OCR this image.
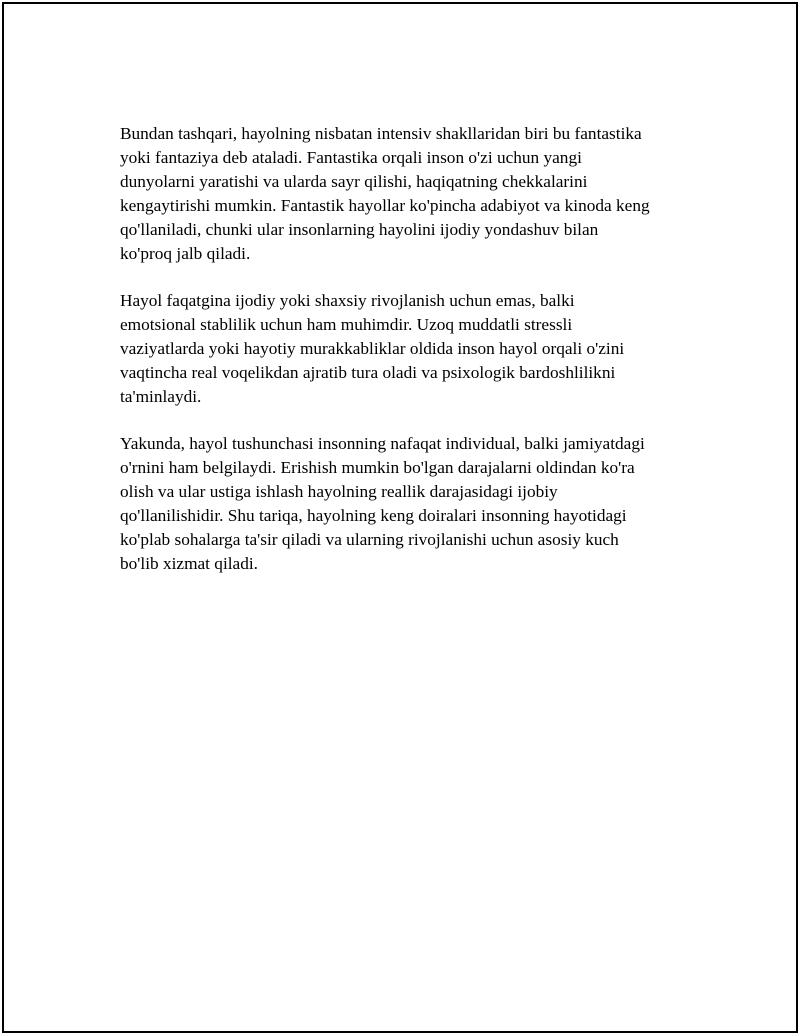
Bundan tashqari, hayolning nisbatan intensiv shakllaridan biri bu fantastika
yoki fantaziya deb ataladi. Fantastika orqali inson o'zi uchun yangi
dunyolarni yaratishi va ularda sayr qilishi, haqiqatning chekkalarini
kengaytirishi mumkin. Fantastik hayollar ko'pincha adabiyot va kinoda keng
qo'llaniladi, chunki ular insonlarning hayolini ijodiy yondashuv bilan
ko'proq jalb qiladi.
Hayol faqatgina ijodiy yoki shaxsiy rivojlanish uchun emas, balki
emotsional stablilik uchun ham muhimdir. Uzoq muddatli stressli
vaziyatlarda yoki hayotiy murakkabliklar oldida inson hayol orqali o'zini
vaqtincha real voqelikdan ajratib tura oladi va psixologik bardoshlilikni
ta'minlaydi.
Yakunda, hayol tushunchasi insonning nafaqat individual, balki jamiyatdagi
o'rnini ham belgilaydi. Erishish mumkin bo'lgan darajalarni oldindan ko'ra
olish va ular ustiga ishlash hayolning reallik darajasidagi ijobiy
qo'llanilishidir. Shu tariqa, hayolning keng doiralari insonning hayotidagi
ko'plab sohalarga ta'sir qiladi va ularning rivojlanishi uchun asosiy kuch
bo'lib xizmat qiladi.
